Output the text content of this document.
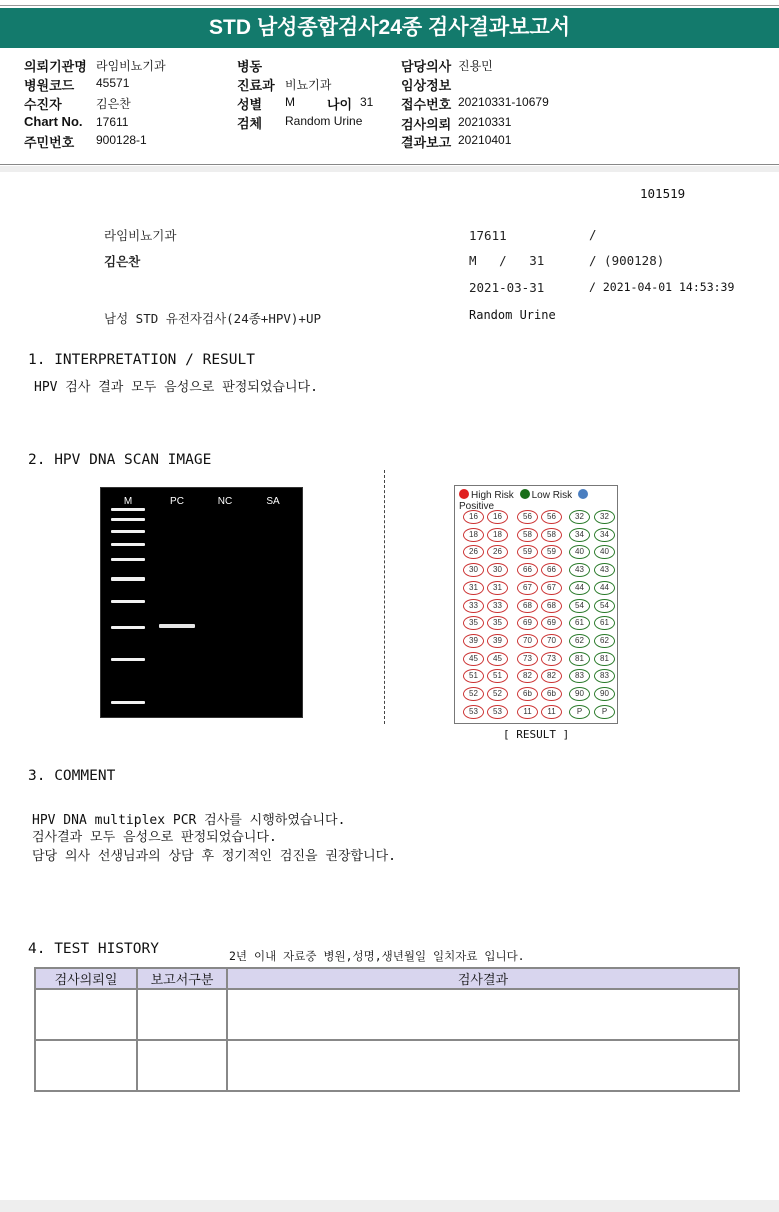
STD 남성종합검사24종 검사결과보고서
의뢰기관명 라임비뇨기과
병원코드 45571
수진자	김은찬
Chart No. 17611
주민번호 900128-1
병동
진료과 비뇨기과
성별 M
검체 Random Urine
나이 31
담당의사 진용민
임상정보
접수번호 20210331-10679
검사의뢰 20210331
결과보고 20210401
101519
라임비뇨기과
김은찬
남성 STD 유전자검사(24종+HPV)+UP
17611	/
M   /   31	/ (900128)
2021-03-31	/ 2021-04-01 14:53:39
Random Urine
1. INTERPRETATION / RESULT
HPV 검사 결과 모두 음성으로 판정되었습니다.
2. HPV DNA SCAN IMAGE
M	PC	NC	SA
High Risk Low Risk Positive
16	16
18	18
26	26
30	30
31	31
33	33
35	35
39	39
45	45
51	51
52	52
53	53
56	56
58	58
59	59
66	66
67	67
68	68
69	69
70	70
73	73
82	82
6b	6b
11	11
32	32
34	34
40	40
43	43
44	44
54	54
61	61
62	62
81	81
83	83
90	90
P	P
[ RESULT ]
3. COMMENT
HPV DNA multiplex PCR 검사를 시행하였습니다.
검사결과 모두 음성으로 판정되었습니다.
담당 의사 선생님과의 상담 후 정기적인 검진을 권장합니다.
4. TEST HISTORY	2년 이내 자료중 병원,성명,생년월일 일치자료 입니다.
검사의뢰일	보고서구분	검사결과
